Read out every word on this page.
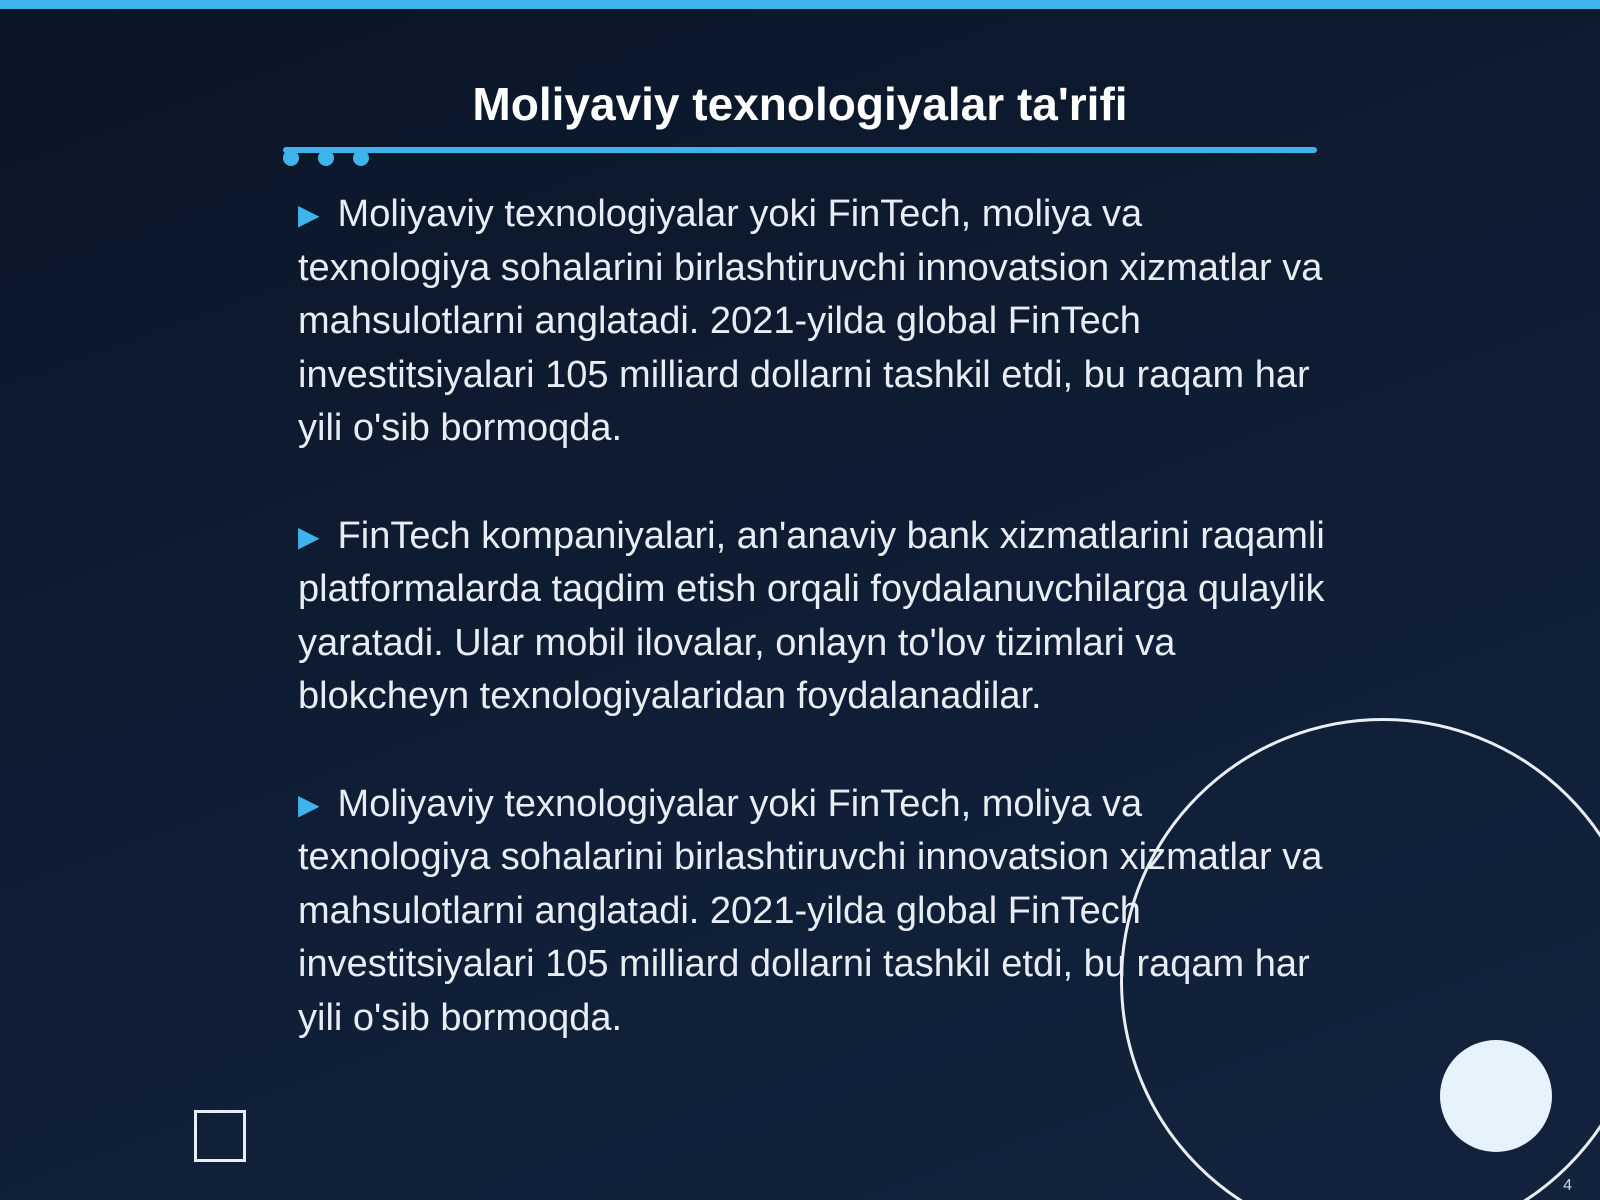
Moliyaviy texnologiyalar ta'rifi

▶ Moliyaviy texnologiyalar yoki FinTech, moliya va texnologiya sohalarini birlashtiruvchi innovatsion xizmatlar va mahsulotlarni anglatadi. 2021-yilda global FinTech investitsiyalari 105 milliard dollarni tashkil etdi, bu raqam har yili o'sib bormoqda.

▶ FinTech kompaniyalari, an'anaviy bank xizmatlarini raqamli platformalarda taqdim etish orqali foydalanuvchilarga qulaylik yaratadi. Ular mobil ilovalar, onlayn to'lov tizimlari va blokcheyn texnologiyalaridan foydalanadilar.

▶ Moliyaviy texnologiyalar yoki FinTech, moliya va texnologiya sohalarini birlashtiruvchi innovatsion xizmatlar va mahsulotlarni anglatadi. 2021-yilda global FinTech investitsiyalari 105 milliard dollarni tashkil etdi, bu raqam har yili o'sib bormoqda.

4
